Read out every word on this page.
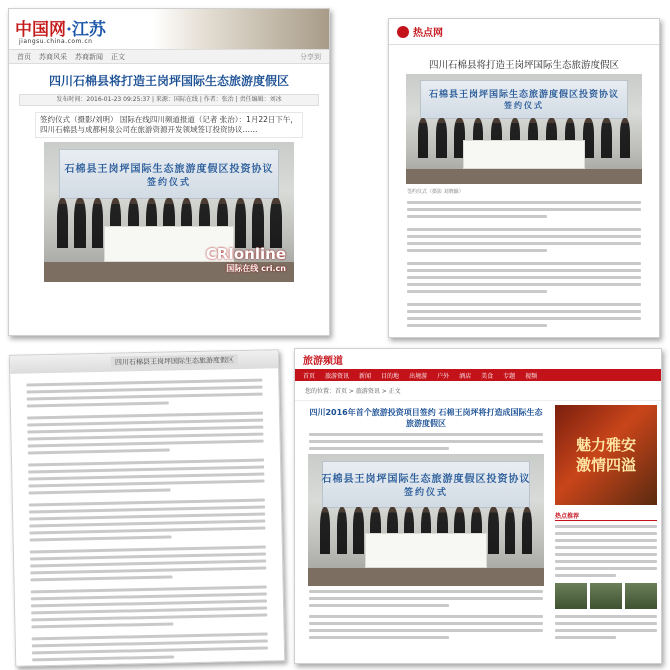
中国网·江苏
jiangsu.china.com.cn
首页 苏商风采 苏商新闻 正文	分享到
四川石棉县将打造王岗坪国际生态旅游度假区
发布时间：2016-01-23 09:25:37 | 来源：国际在线 | 作者：张治 | 责任编辑：刘冰
签约仪式（摄影/刘明） 国际在线四川频道报道（记者 张治）：1月22日下午，四川石棉县与成都柯泉公司在旅游资源开发领域签订投资协议……
石棉县王岗坪国际生态旅游度假区投资协议
签约仪式
CRIonline
国际在线 cri.cn
热点网
四川石棉县将打造王岗坪国际生态旅游度假区
石棉县王岗坪国际生态旅游度假区投资协议
签约仪式
签约仪式（摄影 刘晓颖）
四川石棉县王岗坪国际生态旅游度假区	旅游频道
首页 旅游资讯 新闻 目的地 出境游 户外 酒店 美食 专题 视频
您的位置：首页 > 旅游资讯 > 正文
四川2016年首个旅游投资项目签约 石棉王岗坪将打造成国际生态旅游度假区
石棉县王岗坪国际生态旅游度假区投资协议
签约仪式
魅力雅安
激情四溢
热点推荐
